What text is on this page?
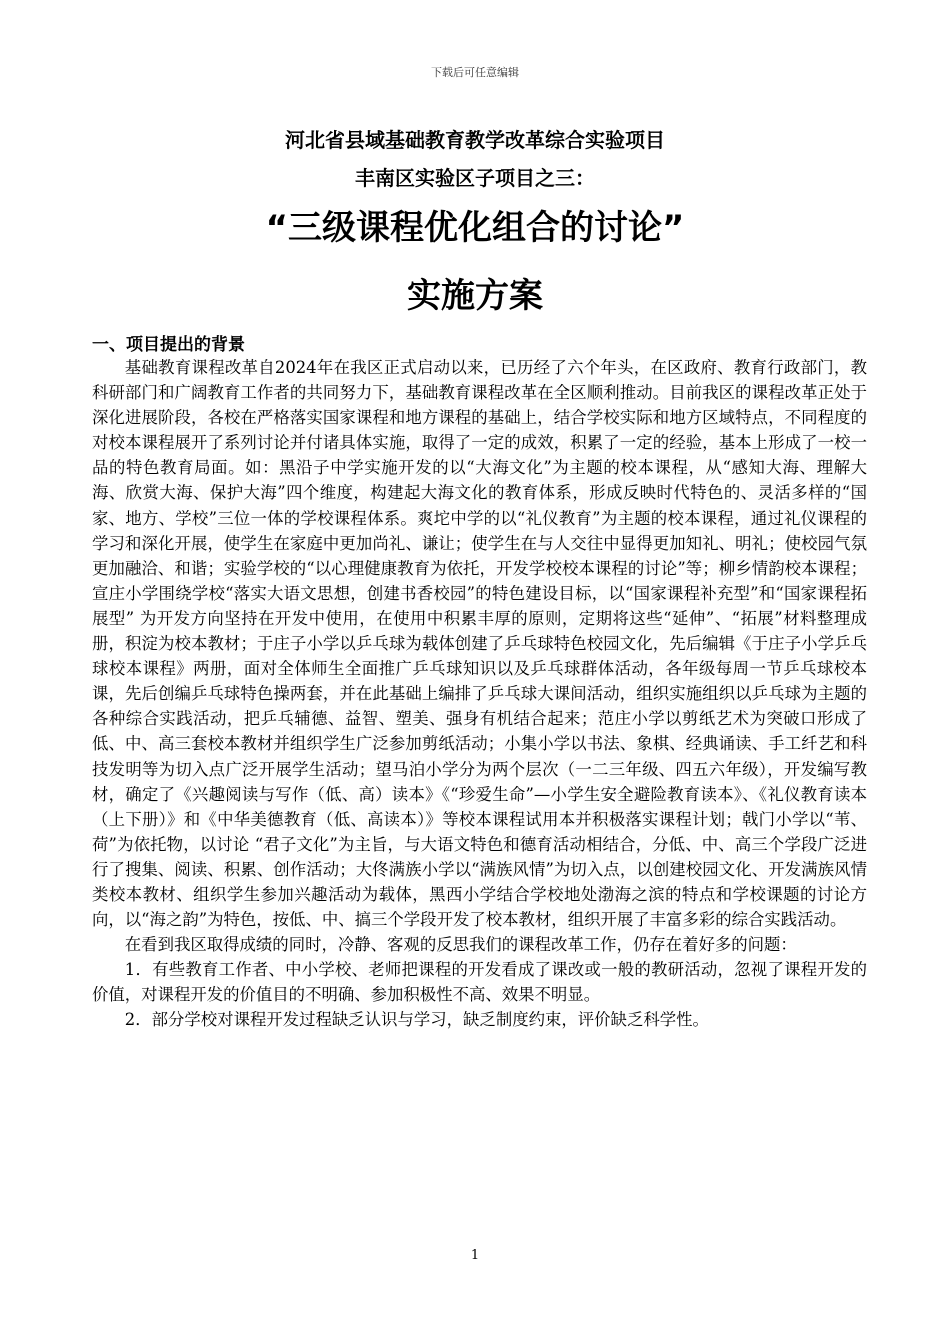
下载后可任意编辑
河北省县域基础教育教学改革综合实验项目
丰南区实验区子项目之三：
“三级课程优化组合的讨论”
实施方案
一、项目提出的背景

基础教育课程改革自2024年在我区正式启动以来，已历经了六个年头，在区政府、教育行政部门，教科研部门和广阔教育工作者的共同努力下，基础教育课程改革在全区顺利推动。目前我区的课程改革正处于深化进展阶段，各校在严格落实国家课程和地方课程的基础上，结合学校实际和地方区域特点，不同程度的对校本课程展开了系列讨论并付诸具体实施，取得了一定的成效，积累了一定的经验，基本上形成了一校一品的特色教育局面。如：黑沿子中学实施开发的以“大海文化”为主题的校本课程，从“感知大海、理解大海、欣赏大海、保护大海”四个维度，构建起大海文化的教育体系，形成反映时代特色的、灵活多样的“国家、地方、学校”三位一体的学校课程体系。爽坨中学的以“礼仪教育”为主题的校本课程，通过礼仪课程的学习和深化开展，使学生在家庭中更加尚礼、谦让；使学生在与人交往中显得更加知礼、明礼；使校园气氛更加融洽、和谐；实验学校的“以心理健康教育为依托，开发学校校本课程的讨论”等；柳乡情韵校本课程；宣庄小学围绕学校“落实大语文思想，创建书香校园”的特色建设目标，以“国家课程补充型”和“国家课程拓展型” 为开发方向坚持在开发中使用，在使用中积累丰厚的原则，定期将这些“延伸”、“拓展”材料整理成册，积淀为校本教材；于庄子小学以乒乓球为载体创建了乒乓球特色校园文化，先后编辑《于庄子小学乒乓球校本课程》两册，面对全体师生全面推广乒乓球知识以及乒乓球群体活动，各年级每周一节乒乓球校本课，先后创编乒乓球特色操两套，并在此基础上编排了乒乓球大课间活动，组织实施组织以乒乓球为主题的各种综合实践活动，把乒乓辅德、益智、塑美、强身有机结合起来；范庄小学以剪纸艺术为突破口形成了低、中、高三套校本教材并组织学生广泛参加剪纸活动；小集小学以书法、象棋、经典诵读、手工纤艺和科技发明等为切入点广泛开展学生活动；望马泊小学分为两个层次（一二三年级、四五六年级），开发编写教材，确定了《兴趣阅读与写作（低、高）读本》《“珍爱生命”—小学生安全避险教育读本》、《礼仪教育读本（上下册）》和《中华美德教育（低、高读本）》等校本课程试用本并积极落实课程计划；戟门小学以“苇、荷”为依托物，以讨论 “君子文化”为主旨，与大语文特色和德育活动相结合，分低、中、高三个学段广泛进行了搜集、阅读、积累、创作活动；大佟满族小学以“满族风情”为切入点，以创建校园文化、开发满族风情类校本教材、组织学生参加兴趣活动为载体，黑西小学结合学校地处渤海之滨的特点和学校课题的讨论方向，以“海之韵”为特色，按低、中、搞三个学段开发了校本教材，组织开展了丰富多彩的综合实践活动。

在看到我区取得成绩的同时，冷静、客观的反思我们的课程改革工作，仍存在着好多的问题：

1．有些教育工作者、中小学校、老师把课程的开发看成了课改或一般的教研活动，忽视了课程开发的价值，对课程开发的价值目的不明确、参加积极性不高、效果不明显。

2．部分学校对课程开发过程缺乏认识与学习，缺乏制度约束，评价缺乏科学性。

1
